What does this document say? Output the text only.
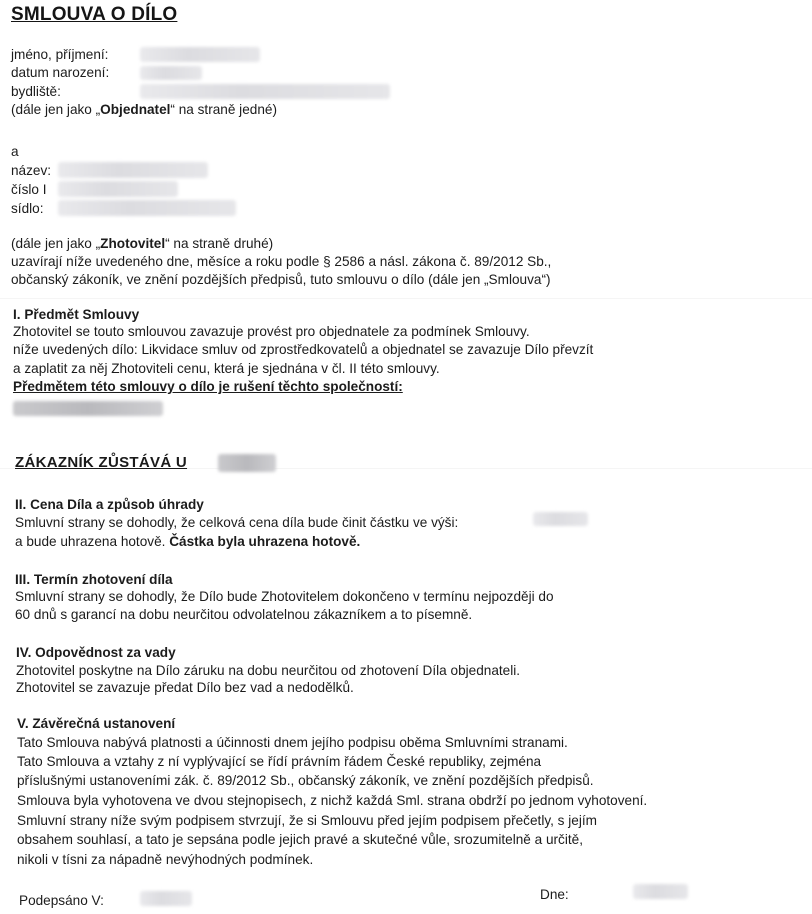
SMLOUVA O DÍLO
jméno, příjmení:
datum narození:
bydliště:
(dále jen jako „Objednatel“ na straně jedné)
a
název:
číslo I
sídlo:
(dále jen jako „Zhotovitel“ na straně druhé)
uzavírají níže uvedeného dne, měsíce a roku podle § 2586 a násl. zákona č. 89/2012 Sb.,
občanský zákoník, ve znění pozdějších předpisů, tuto smlouvu o dílo (dále jen „Smlouva“)
I. Předmět Smlouvy
Zhotovitel se touto smlouvou zavazuje provést pro objednatele za podmínek Smlouvy.
níže uvedených dílo: Likvidace smluv od zprostředkovatelů a objednatel se zavazuje Dílo převzít
a zaplatit za něj Zhotoviteli cenu, která je sjednána v čl. II této smlouvy.
Předmětem této smlouvy o dílo je rušení těchto společností:
ZÁKAZNÍK ZŮSTÁVÁ U
II. Cena Díla a způsob úhrady
Smluvní strany se dohodly, že celková cena díla bude činit částku ve výši:
a bude uhrazena hotově. Částka byla uhrazena hotově.
III. Termín zhotovení díla
Smluvní strany se dohodly, že Dílo bude Zhotovitelem dokončeno v termínu nejpozději do
60 dnů s garancí na dobu neurčitou odvolatelnou zákazníkem a to písemně.
IV. Odpovědnost za vady
Zhotovitel poskytne na Dílo záruku na dobu neurčitou od zhotovení Díla objednateli.
Zhotovitel se zavazuje předat Dílo bez vad a nedodělků.
V. Závěrečná ustanovení
Tato Smlouva nabývá platnosti a účinnosti dnem jejího podpisu oběma Smluvními stranami.
Tato Smlouva a vztahy z ní vyplývající se řídí právním řádem České republiky, zejména
příslušnými ustanoveními zák. č. 89/2012 Sb., občanský zákoník, ve znění pozdějších předpisů.
Smlouva byla vyhotovena ve dvou stejnopisech, z nichž každá Sml. strana obdrží po jednom vyhotovení.
Smluvní strany níže svým podpisem stvrzují, že si Smlouvu před jejím podpisem přečetly, s jejím
obsahem souhlasí, a tato je sepsána podle jejich pravé a skutečné vůle, srozumitelně a určitě,
nikoli v tísni za nápadně nevýhodných podmínek.
Podepsáno V:	Dne:
